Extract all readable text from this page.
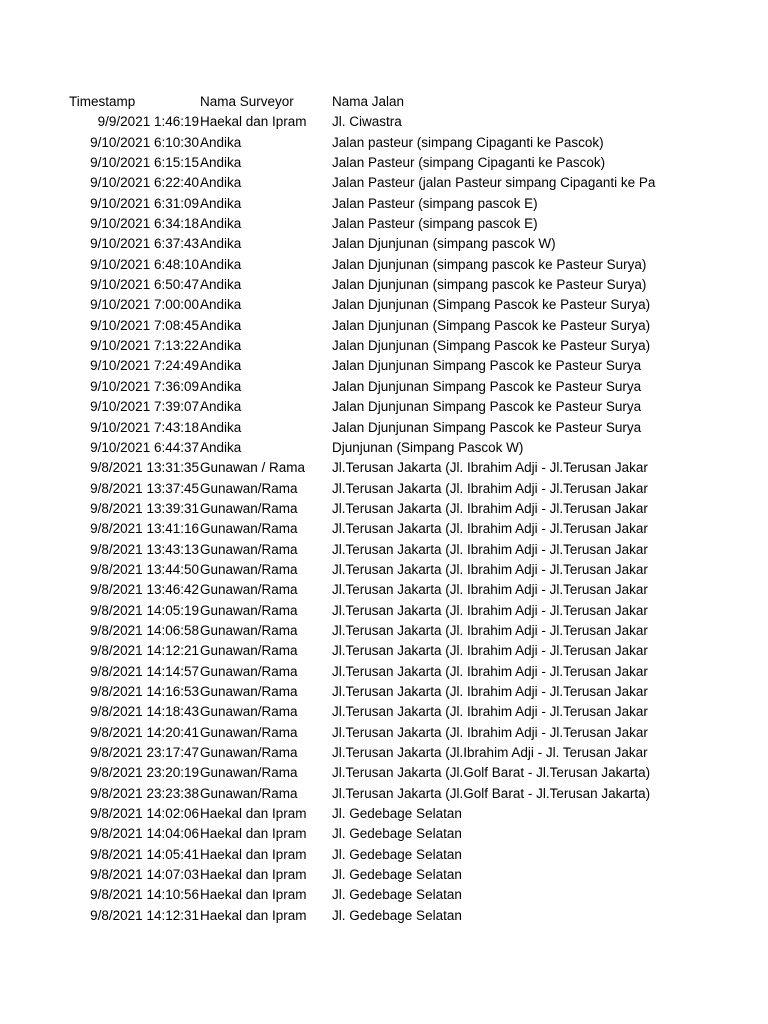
Timestamp	Nama Surveyor	Nama Jalan
9/9/2021 1:46:19 Haekal dan Ipram	Jl. Ciwastra
9/10/2021 6:10:30 Andika	Jalan pasteur (simpang Cipaganti ke Pascok)
9/10/2021 6:15:15 Andika	Jalan Pasteur (simpang Cipaganti ke Pascok)
9/10/2021 6:22:40 Andika	Jalan Pasteur (jalan Pasteur simpang Cipaganti ke Pa
9/10/2021 6:31:09 Andika	Jalan Pasteur (simpang pascok E)
9/10/2021 6:34:18 Andika	Jalan Pasteur (simpang pascok E)
9/10/2021 6:37:43 Andika	Jalan Djunjunan (simpang pascok W)
9/10/2021 6:48:10 Andika	Jalan Djunjunan (simpang pascok ke Pasteur Surya)
9/10/2021 6:50:47 Andika	Jalan Djunjunan (simpang pascok ke Pasteur Surya)
9/10/2021 7:00:00 Andika	Jalan Djunjunan (Simpang Pascok ke Pasteur Surya)
9/10/2021 7:08:45 Andika	Jalan Djunjunan (Simpang Pascok ke Pasteur Surya)
9/10/2021 7:13:22 Andika	Jalan Djunjunan (Simpang Pascok ke Pasteur Surya)
9/10/2021 7:24:49 Andika	Jalan Djunjunan Simpang Pascok ke Pasteur Surya
9/10/2021 7:36:09 Andika	Jalan Djunjunan Simpang Pascok ke Pasteur Surya
9/10/2021 7:39:07 Andika	Jalan Djunjunan Simpang Pascok ke Pasteur Surya
9/10/2021 7:43:18 Andika	Jalan Djunjunan Simpang Pascok ke Pasteur Surya
9/10/2021 6:44:37 Andika	Djunjunan (Simpang Pascok W)
9/8/2021 13:31:35 Gunawan / Rama	Jl.Terusan Jakarta (Jl. Ibrahim Adji - Jl.Terusan Jakar
9/8/2021 13:37:45 Gunawan/Rama	Jl.Terusan Jakarta (Jl. Ibrahim Adji - Jl.Terusan Jakar
9/8/2021 13:39:31 Gunawan/Rama	Jl.Terusan Jakarta (Jl. Ibrahim Adji - Jl.Terusan Jakar
9/8/2021 13:41:16 Gunawan/Rama	Jl.Terusan Jakarta (Jl. Ibrahim Adji - Jl.Terusan Jakar
9/8/2021 13:43:13 Gunawan/Rama	Jl.Terusan Jakarta (Jl. Ibrahim Adji - Jl.Terusan Jakar
9/8/2021 13:44:50 Gunawan/Rama	Jl.Terusan Jakarta (Jl. Ibrahim Adji - Jl.Terusan Jakar
9/8/2021 13:46:42 Gunawan/Rama	Jl.Terusan Jakarta (Jl. Ibrahim Adji - Jl.Terusan Jakar
9/8/2021 14:05:19 Gunawan/Rama	Jl.Terusan Jakarta (Jl. Ibrahim Adji - Jl.Terusan Jakar
9/8/2021 14:06:58 Gunawan/Rama	Jl.Terusan Jakarta (Jl. Ibrahim Adji - Jl.Terusan Jakar
9/8/2021 14:12:21 Gunawan/Rama	Jl.Terusan Jakarta (Jl. Ibrahim Adji - Jl.Terusan Jakar
9/8/2021 14:14:57 Gunawan/Rama	Jl.Terusan Jakarta (Jl. Ibrahim Adji - Jl.Terusan Jakar
9/8/2021 14:16:53 Gunawan/Rama	Jl.Terusan Jakarta (Jl. Ibrahim Adji - Jl.Terusan Jakar
9/8/2021 14:18:43 Gunawan/Rama	Jl.Terusan Jakarta (Jl. Ibrahim Adji - Jl.Terusan Jakar
9/8/2021 14:20:41 Gunawan/Rama	Jl.Terusan Jakarta (Jl. Ibrahim Adji - Jl.Terusan Jakar
9/8/2021 23:17:47 Gunawan/Rama	Jl.Terusan Jakarta (Jl.Ibrahim Adji - Jl. Terusan Jakar
9/8/2021 23:20:19 Gunawan/Rama	Jl.Terusan Jakarta (Jl.Golf Barat - Jl.Terusan Jakarta)
9/8/2021 23:23:38 Gunawan/Rama	Jl.Terusan Jakarta (Jl.Golf Barat - Jl.Terusan Jakarta)
9/8/2021 14:02:06 Haekal dan Ipram	Jl. Gedebage Selatan
9/8/2021 14:04:06 Haekal dan Ipram	Jl. Gedebage Selatan
9/8/2021 14:05:41 Haekal dan Ipram	Jl. Gedebage Selatan
9/8/2021 14:07:03 Haekal dan Ipram	Jl. Gedebage Selatan
9/8/2021 14:10:56 Haekal dan Ipram	Jl. Gedebage Selatan
9/8/2021 14:12:31 Haekal dan Ipram	Jl. Gedebage Selatan
